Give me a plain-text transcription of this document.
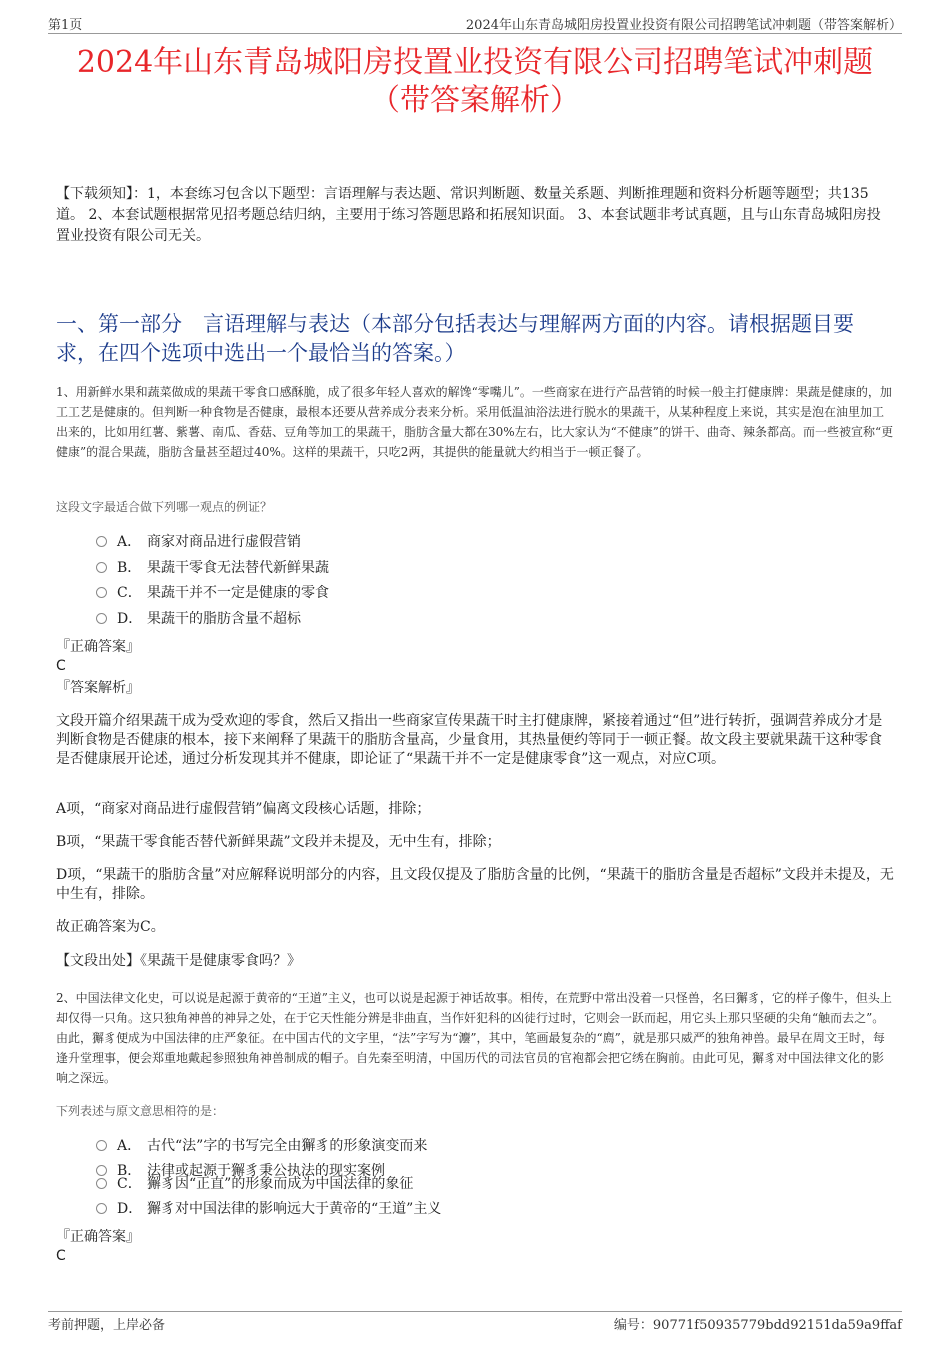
第1页	2024年山东青岛城阳房投置业投资有限公司招聘笔试冲刺题（带答案解析）
2024年山东青岛城阳房投置业投资有限公司招聘笔试冲刺题
（带答案解析）
【下载须知】：1，本套练习包含以下题型：言语理解与表达题、常识判断题、数量关系题、判断推理题和资料分析题等题型；共135道。 2、本套试题根据常见招考题总结归纳，主要用于练习答题思路和拓展知识面。 3、本套试题非考试真题，且与山东青岛城阳房投置业投资有限公司无关。
一、第一部分　言语理解与表达（本部分包括表达与理解两方面的内容。请根据题目要求，在四个选项中选出一个最恰当的答案。）
1、用新鲜水果和蔬菜做成的果蔬干零食口感酥脆，成了很多年轻人喜欢的解馋“零嘴儿”。一些商家在进行产品营销的时候一般主打健康牌：果蔬是健康的，加工工艺是健康的。但判断一种食物是否健康，最根本还要从营养成分表来分析。采用低温油浴法进行脱水的果蔬干，从某种程度上来说，其实是泡在油里加工出来的，比如用红薯、紫薯、南瓜、香菇、豆角等加工的果蔬干，脂肪含量大都在30%左右，比大家认为“不健康”的饼干、曲奇、辣条都高。而一些被宣称“更健康”的混合果蔬，脂肪含量甚至超过40%。这样的果蔬干，只吃2两，其提供的能量就大约相当于一顿正餐了。
这段文字最适合做下列哪一观点的例证？
A． 商家对商品进行虚假营销
B． 果蔬干零食无法替代新鲜果蔬
C． 果蔬干并不一定是健康的零食
D． 果蔬干的脂肪含量不超标
『正确答案』
C
『答案解析』
文段开篇介绍果蔬干成为受欢迎的零食，然后又指出一些商家宣传果蔬干时主打健康牌，紧接着通过“但”进行转折，强调营养成分才是判断食物是否健康的根本，接下来阐释了果蔬干的脂肪含量高，少量食用，其热量便约等同于一顿正餐。故文段主要就果蔬干这种零食是否健康展开论述，通过分析发现其并不健康，即论证了“果蔬干并不一定是健康零食”这一观点，对应C项。
A项，“商家对商品进行虚假营销”偏离文段核心话题，排除；
B项，“果蔬干零食能否替代新鲜果蔬”文段并未提及，无中生有，排除；
D项，“果蔬干的脂肪含量”对应解释说明部分的内容，且文段仅提及了脂肪含量的比例，“果蔬干的脂肪含量是否超标”文段并未提及，无中生有，排除。
故正确答案为C。
【文段出处】《果蔬干是健康零食吗？》
2、中国法律文化史，可以说是起源于黄帝的“王道”主义，也可以说是起源于神话故事。相传，在荒野中常出没着一只怪兽，名曰獬豸，它的样子像牛，但头上却仅得一只角。这只独角神兽的神异之处，在于它天性能分辨是非曲直，当作奸犯科的凶徒行过时，它则会一跃而起，用它头上那只坚硬的尖角“触而去之”。由此，獬豸便成为中国法律的庄严象征。在中国古代的文字里，“法”字写为“灋”，其中，笔画最复杂的“廌”，就是那只威严的独角神兽。最早在周文王时，每逢升堂理事，便会郑重地戴起参照独角神兽制成的帽子。自先秦至明清，中国历代的司法官员的官袍都会把它绣在胸前。由此可见，獬豸对中国法律文化的影响之深远。
下列表述与原文意思相符的是：
A． 古代“法”字的书写完全由獬豸的形象演变而来
B． 法律或起源于獬豸秉公执法的现实案例
C． 獬豸因“正直”的形象而成为中国法律的象征
D． 獬豸对中国法律的影响远大于黄帝的“王道”主义
『正确答案』
C
考前押题，上岸必备	编号：90771f50935779bdd92151da59a9ffaf
